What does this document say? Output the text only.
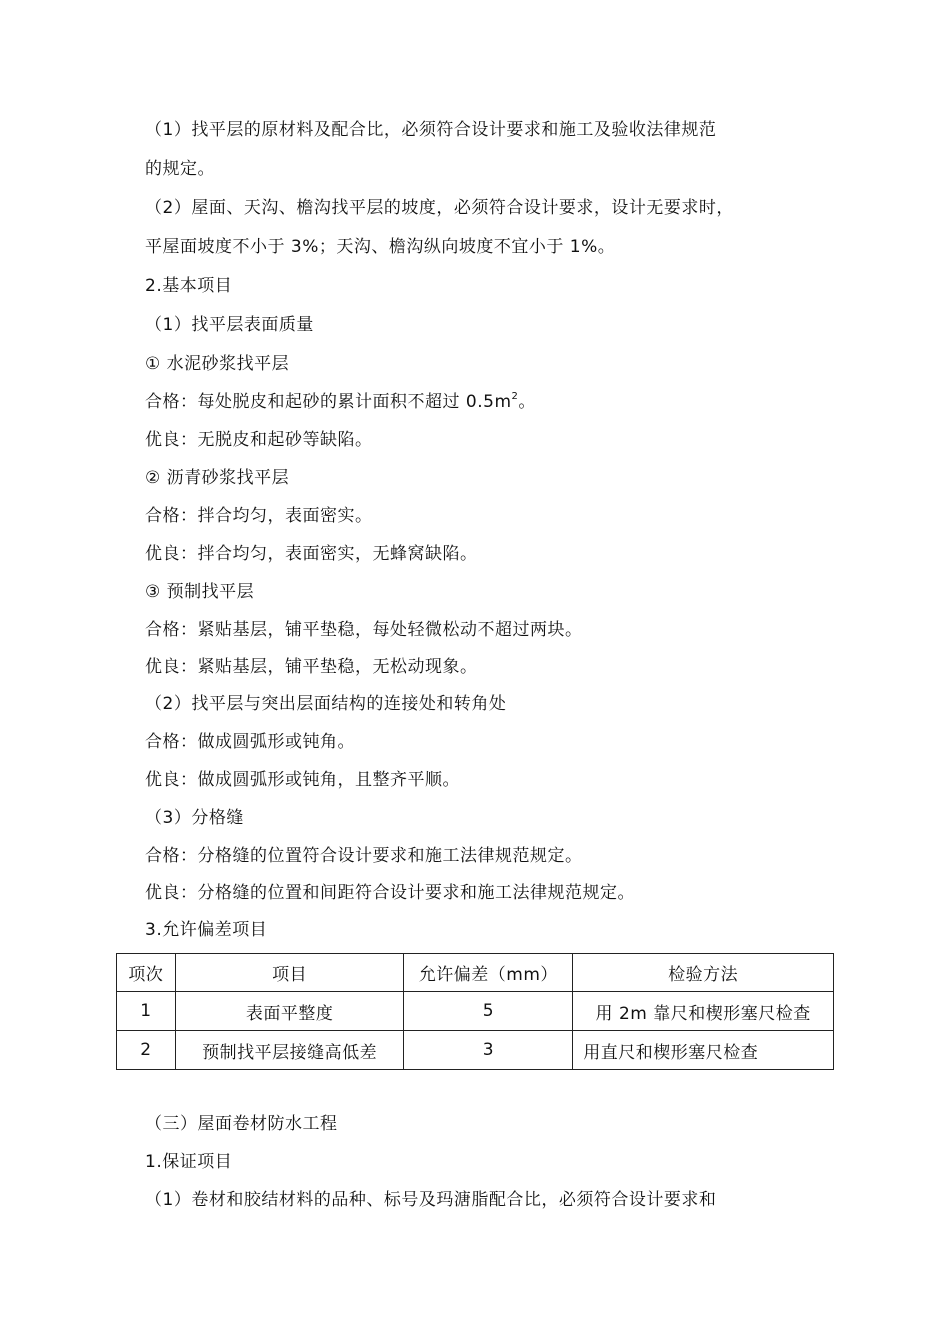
（1）找平层的原材料及配合比，必须符合设计要求和施工及验收法律规范
的规定。
（2）屋面、天沟、檐沟找平层的坡度，必须符合设计要求，设计无要求时，
平屋面坡度不小于 3%；天沟、檐沟纵向坡度不宜小于 1%。
2.基本项目
（1）找平层表面质量
① 水泥砂浆找平层
合格：每处脱皮和起砂的累计面积不超过 $0.5m^2$。
优良：无脱皮和起砂等缺陷。
② 沥青砂浆找平层
合格：拌合均匀，表面密实。
优良：拌合均匀，表面密实，无蜂窝缺陷。
③ 预制找平层
合格：紧贴基层，铺平垫稳，每处轻微松动不超过两块。
优良：紧贴基层，铺平垫稳，无松动现象。
（2）找平层与突出层面结构的连接处和转角处
合格：做成圆弧形或钝角。
优良：做成圆弧形或钝角，且整齐平顺。
（3）分格缝
合格：分格缝的位置符合设计要求和施工法律规范规定。
优良：分格缝的位置和间距符合设计要求和施工法律规范规定。
3.允许偏差项目
项次	项目	允许偏差（mm）	检验方法
1	表面平整度	5	用 2m 靠尺和楔形塞尺检查
2	预制找平层接缝高低差	3	用直尺和楔形塞尺检查
（三）屋面卷材防水工程
1.保证项目
（1）卷材和胶结材料的品种、标号及玛溏脂配合比，必须符合设计要求和
